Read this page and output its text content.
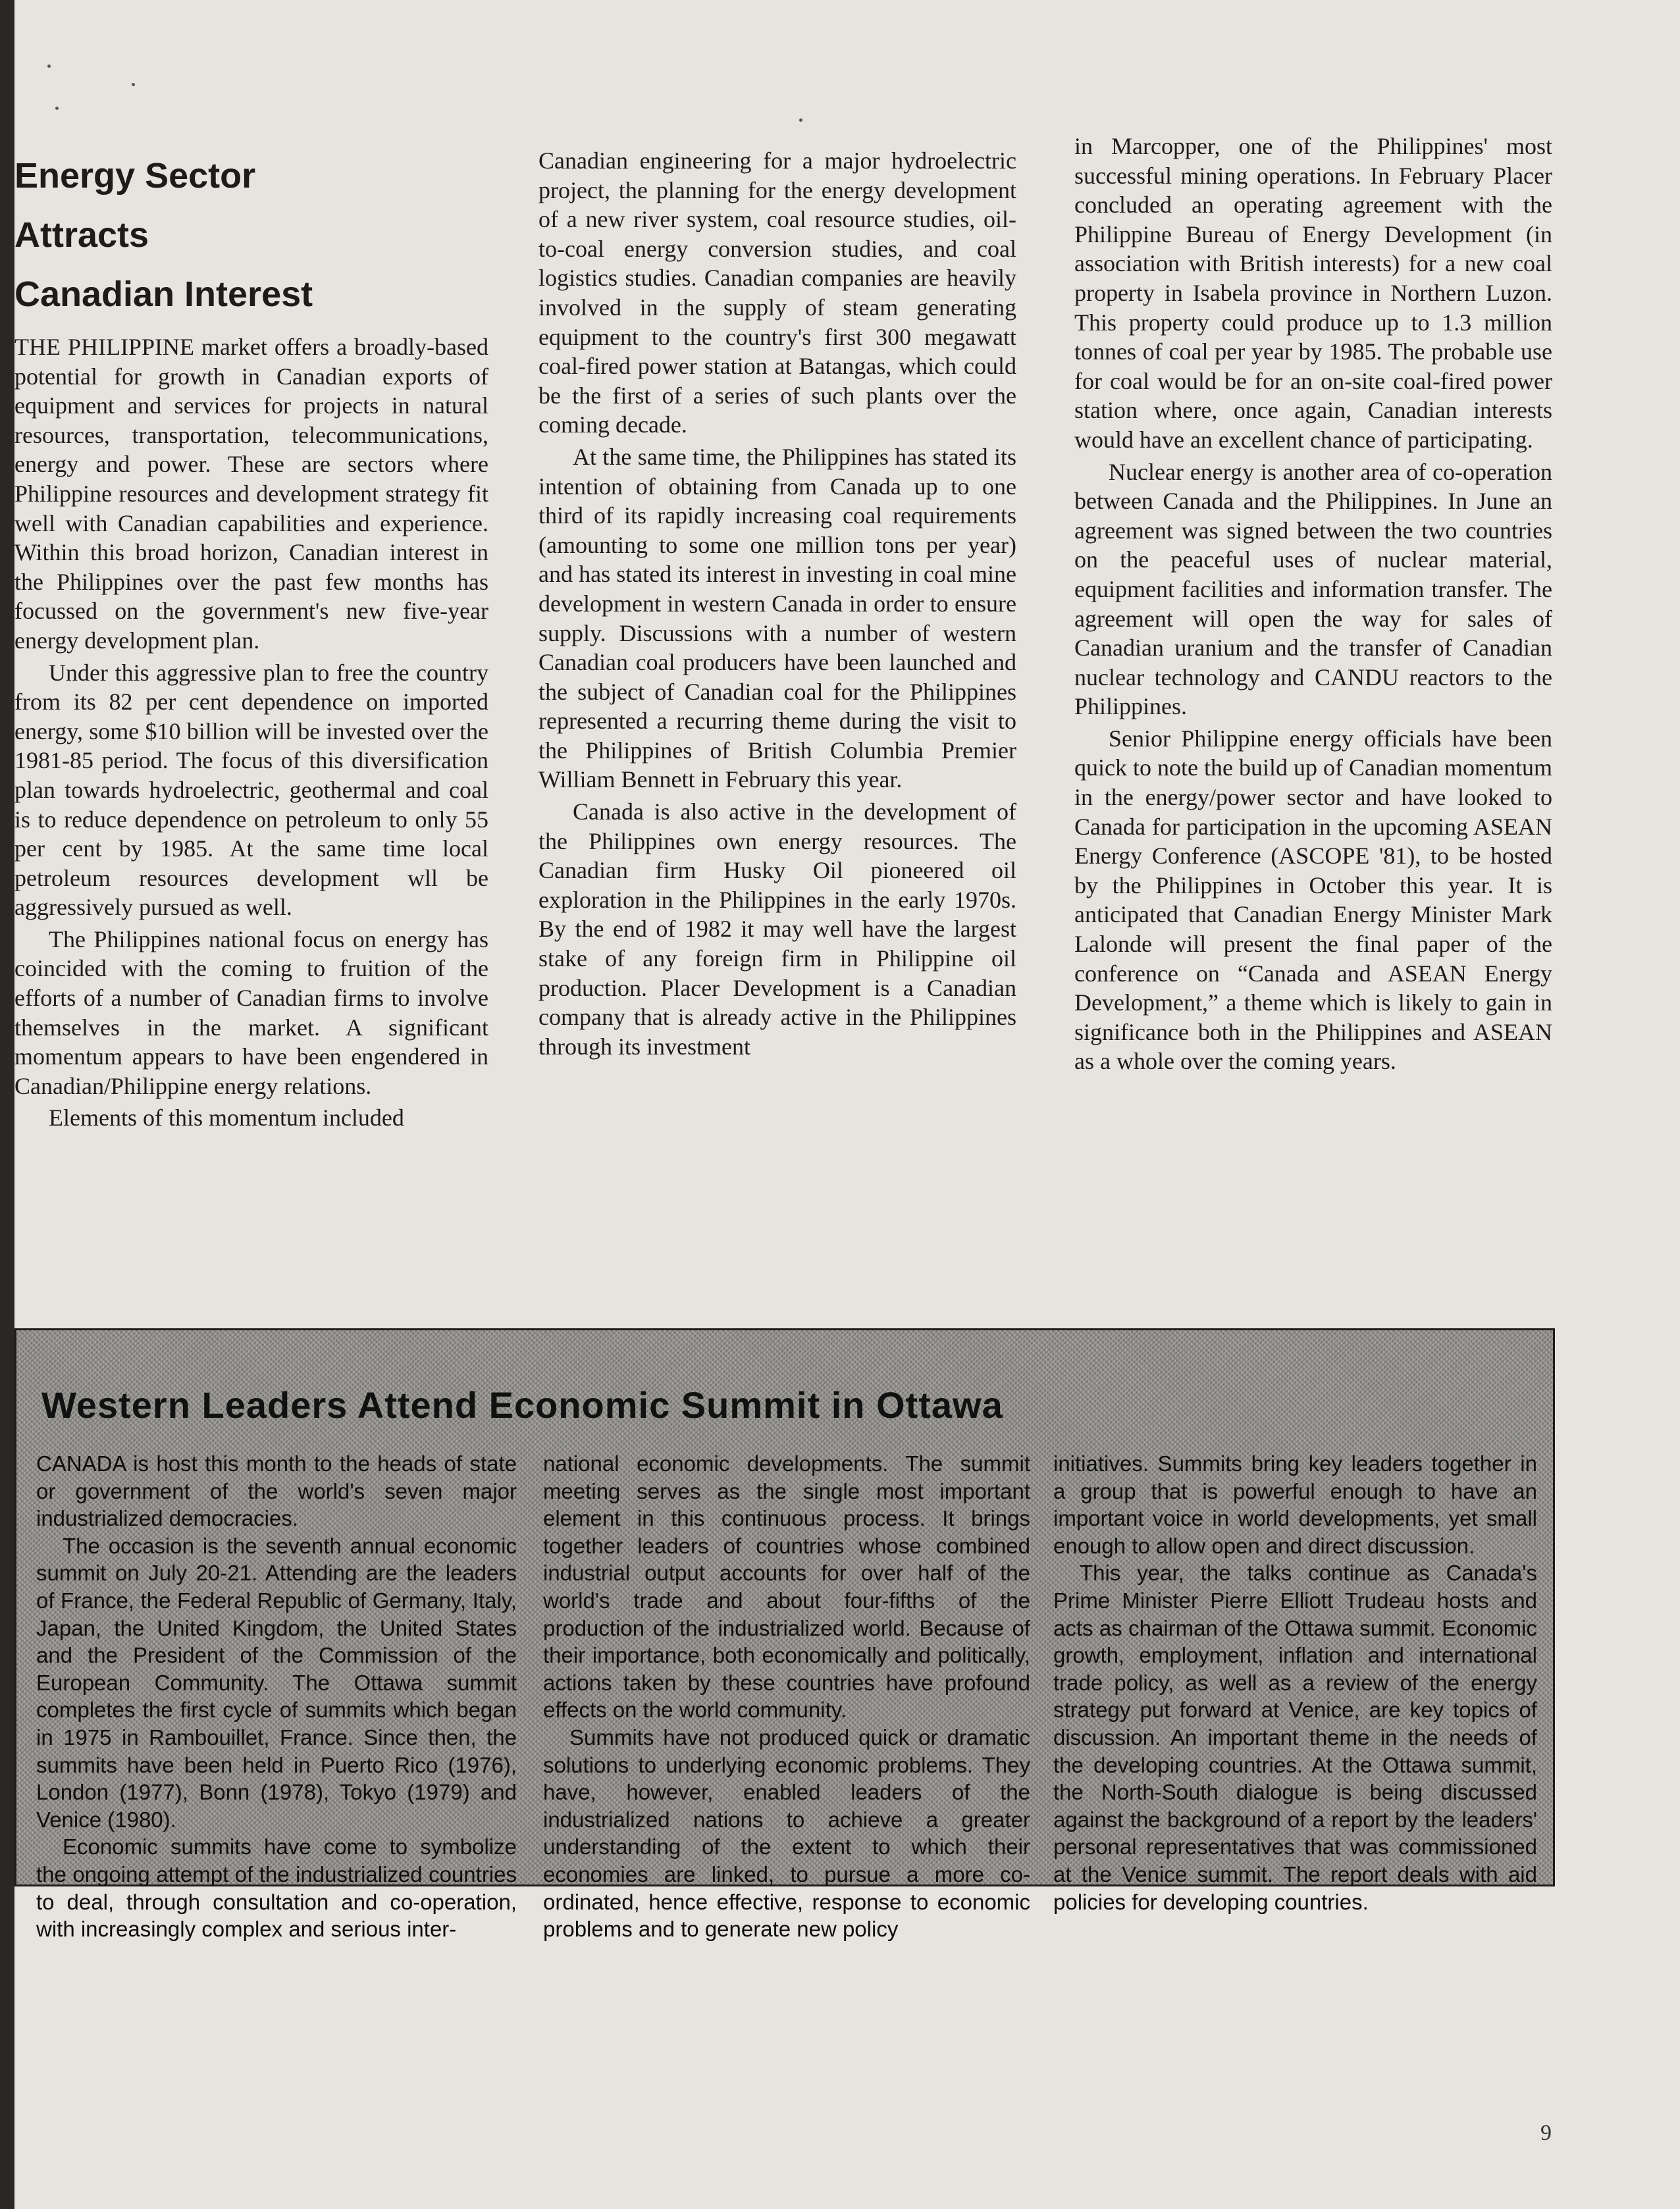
Energy Sector
Attracts
Canadian Interest

THE PHILIPPINE market offers a broadly-based potential for growth in Canadian exports of equipment and services for projects in natural resources, transportation, telecommunications, energy and power. These are sectors where Philippine resources and development strategy fit well with Canadian capabilities and experience. Within this broad horizon, Canadian interest in the Philippines over the past few months has focussed on the government's new five-year energy development plan.

Under this aggressive plan to free the country from its 82 per cent dependence on imported energy, some $10 billion will be invested over the 1981-85 period. The focus of this diversification plan towards hydroelectric, geothermal and coal is to reduce dependence on petroleum to only 55 per cent by 1985. At the same time local petroleum resources development wll be aggressively pursued as well.

The Philippines national focus on energy has coincided with the coming to fruition of the efforts of a number of Canadian firms to involve themselves in the market. A significant momentum appears to have been engendered in Canadian/Philippine energy relations.

Elements of this momentum included

Canadian engineering for a major hydroelectric project, the planning for the energy development of a new river system, coal resource studies, oil-to-coal energy conversion studies, and coal logistics studies. Canadian companies are heavily involved in the supply of steam generating equipment to the country's first 300 megawatt coal-fired power station at Batangas, which could be the first of a series of such plants over the coming decade.

At the same time, the Philippines has stated its intention of obtaining from Canada up to one third of its rapidly increasing coal requirements (amounting to some one million tons per year) and has stated its interest in investing in coal mine development in western Canada in order to ensure supply. Discussions with a number of western Canadian coal producers have been launched and the subject of Canadian coal for the Philippines represented a recurring theme during the visit to the Philippines of British Columbia Premier William Bennett in February this year.

Canada is also active in the development of the Philippines own energy resources. The Canadian firm Husky Oil pioneered oil exploration in the Philippines in the early 1970s. By the end of 1982 it may well have the largest stake of any foreign firm in Philippine oil production. Placer Development is a Canadian company that is already active in the Philippines through its investment

in Marcopper, one of the Philippines' most successful mining operations. In February Placer concluded an operating agreement with the Philippine Bureau of Energy Development (in association with British interests) for a new coal property in Isabela province in Northern Luzon. This property could produce up to 1.3 million tonnes of coal per year by 1985. The probable use for coal would be for an on-site coal-fired power station where, once again, Canadian interests would have an excellent chance of participating.

Nuclear energy is another area of co-operation between Canada and the Philippines. In June an agreement was signed between the two countries on the peaceful uses of nuclear material, equipment facilities and information transfer. The agreement will open the way for sales of Canadian uranium and the transfer of Canadian nuclear technology and CANDU reactors to the Philippines.

Senior Philippine energy officials have been quick to note the build up of Canadian momentum in the energy/power sector and have looked to Canada for participation in the upcoming ASEAN Energy Conference (ASCOPE '81), to be hosted by the Philippines in October this year. It is anticipated that Canadian Energy Minister Mark Lalonde will present the final paper of the conference on “Canada and ASEAN Energy Development,” a theme which is likely to gain in significance both in the Philippines and ASEAN as a whole over the coming years.

Western Leaders Attend Economic Summit in Ottawa

CANADA is host this month to the heads of state or government of the world's seven major industrialized democracies.

The occasion is the seventh annual economic summit on July 20-21. Attending are the leaders of France, the Federal Republic of Germany, Italy, Japan, the United Kingdom, the United States and the President of the Commission of the European Community. The Ottawa summit completes the first cycle of summits which began in 1975 in Rambouillet, France. Since then, the summits have been held in Puerto Rico (1976), London (1977), Bonn (1978), Tokyo (1979) and Venice (1980).

Economic summits have come to symbolize the ongoing attempt of the industrialized countries to deal, through consultation and co-operation, with increasingly complex and serious inter-

national economic developments. The summit meeting serves as the single most important element in this continuous process. It brings together leaders of countries whose combined industrial output accounts for over half of the world's trade and about four-fifths of the production of the industrialized world. Because of their importance, both economically and politically, actions taken by these countries have profound effects on the world community.

Summits have not produced quick or dramatic solutions to underlying economic problems. They have, however, enabled leaders of the industrialized nations to achieve a greater understanding of the extent to which their economies are linked, to pursue a more co-ordinated, hence effective, response to economic problems and to generate new policy

initiatives. Summits bring key leaders together in a group that is powerful enough to have an important voice in world developments, yet small enough to allow open and direct discussion.

This year, the talks continue as Canada's Prime Minister Pierre Elliott Trudeau hosts and acts as chairman of the Ottawa summit. Economic growth, employment, inflation and international trade policy, as well as a review of the energy strategy put forward at Venice, are key topics of discussion. An important theme in the needs of the developing countries. At the Ottawa summit, the North-South dialogue is being discussed against the background of a report by the leaders' personal representatives that was commissioned at the Venice summit. The report deals with aid policies for developing countries.

9
